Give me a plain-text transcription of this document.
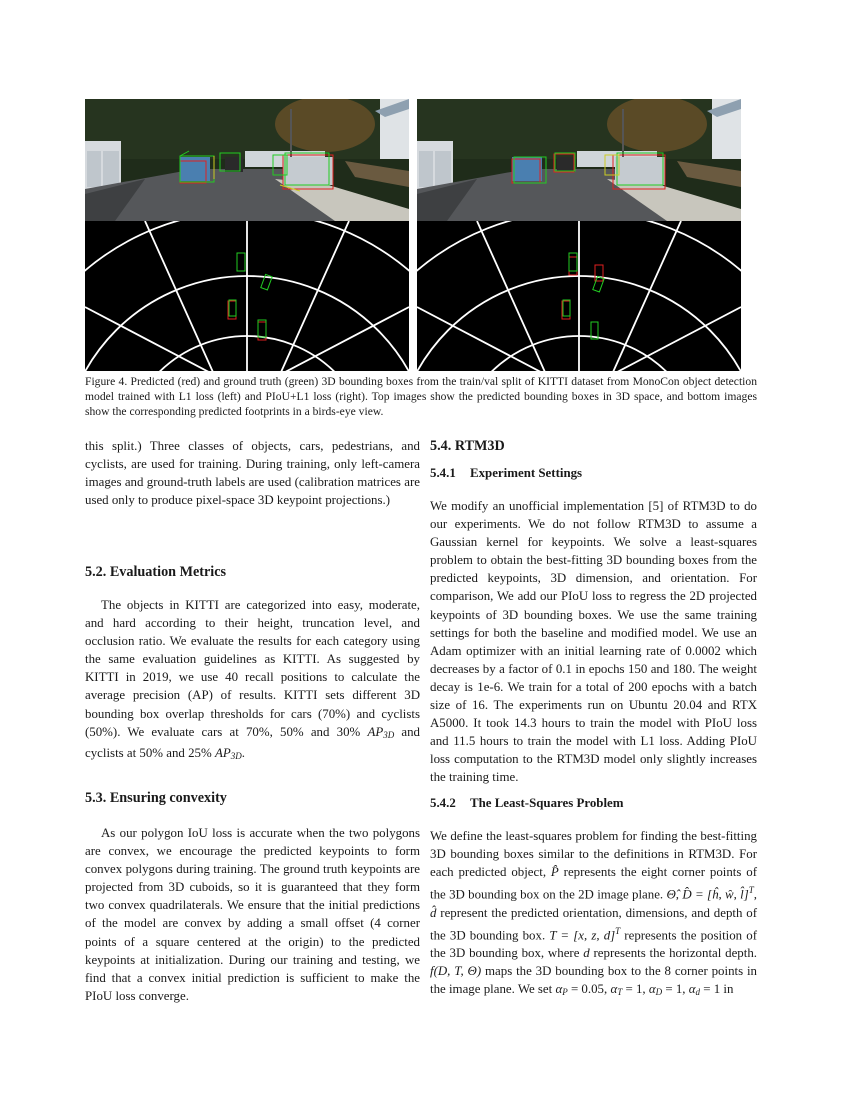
Figure 4. Predicted (red) and ground truth (green) 3D bounding boxes from the train/val split of KITTI dataset from MonoCon object detection model trained with L1 loss (left) and PIoU+L1 loss (right). Top images show the predicted bounding boxes in 3D space, and bottom images show the corresponding predicted footprints in a birds-eye view.

this split.) Three classes of objects, cars, pedestrians, and cyclists, are used for training. During training, only left-camera images and ground-truth labels are used (calibration matrices are used only to produce pixel-space 3D keypoint projections.)

5.2. Evaluation Metrics

The objects in KITTI are categorized into easy, moderate, and hard according to their height, truncation level, and occlusion ratio. We evaluate the results for each category using the same evaluation guidelines as KITTI. As suggested by KITTI in 2019, we use 40 recall positions to calculate the average precision (AP) of results. KITTI sets different 3D bounding box overlap thresholds for cars (70%) and cyclists (50%). We evaluate cars at 70%, 50% and 30% $AP_{3D}$ and cyclists at 50% and 25% $AP_{3D}$.

5.3. Ensuring convexity

As our polygon IoU loss is accurate when the two polygons are convex, we encourage the predicted keypoints to form convex polygons during training. The ground truth keypoints are projected from 3D cuboids, so it is guaranteed that they form two convex quadrilaterals. We ensure that the initial predictions of the model are convex by adding a small offset (4 corner points of a square centered at the origin) to the predicted keypoints at initialization. During our training and testing, we find that a convex initial prediction is sufficient to make the PIoU loss converge.

5.4. RTM3D
5.4.1 Experiment Settings

We modify an unofficial implementation [5] of RTM3D to do our experiments. We do not follow RTM3D to assume a Gaussian kernel for keypoints. We solve a least-squares problem to obtain the best-fitting 3D bounding boxes from the predicted keypoints, 3D dimension, and orientation. For comparison, We add our PIoU loss to regress the 2D projected keypoints of 3D bounding boxes. We use the same training settings for both the baseline and modified model. We use an Adam optimizer with an initial learning rate of 0.0002 which decreases by a factor of 0.1 in epochs 150 and 180. The weight decay is 1e-6. We train for a total of 200 epochs with a batch size of 16. The experiments run on Ubuntu 20.04 and RTX A5000. It took 14.3 hours to train the model with PIoU loss and 11.5 hours to train the model with L1 loss. Adding PIoU loss computation to the RTM3D model only slightly increases the training time.

5.4.2 The Least-Squares Problem

We define the least-squares problem for finding the best-fitting 3D bounding boxes similar to the definitions in RTM3D. For each predicted object, P̂ represents the eight corner points of the 3D bounding box on the 2D image plane. Θ̂, D̂ = [ĥ, ŵ, l̂]$^T$, d̂ represent the predicted orientation, dimensions, and depth of the 3D bounding box. T = [x, z, d]$^T$ represents the position of the 3D bounding box, where d represents the horizontal depth. f(D, T, Θ) maps the 3D bounding box to the 8 corner points in the image plane. We set $\alpha_P = 0.05$, $\alpha_T = 1$, $\alpha_D = 1$, $\alpha_d = 1$ in
